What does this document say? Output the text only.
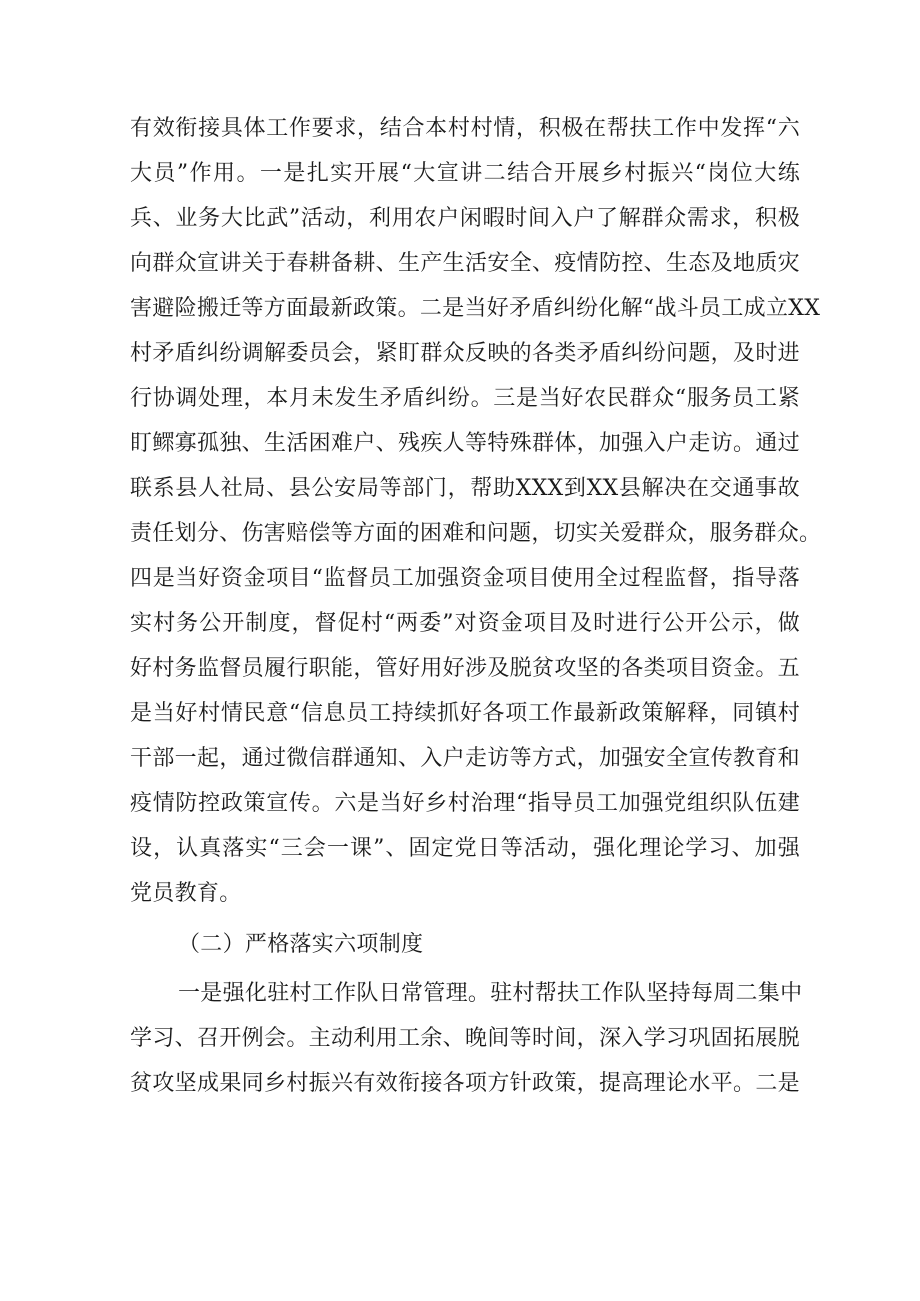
有效衔接具体工作要求，结合本村村情，积极在帮扶工作中发挥“六
大员”作用。一是扎实开展“大宣讲二结合开展乡村振兴“岗位大练
兵、业务大比武”活动，利用农户闲暇时间入户了解群众需求，积极
向群众宣讲关于春耕备耕、生产生活安全、疫情防控、生态及地质灾
害避险搬迁等方面最新政策。二是当好矛盾纠纷化解“战斗员工成立XX
村矛盾纠纷调解委员会，紧盯群众反映的各类矛盾纠纷问题，及时进
行协调处理，本月未发生矛盾纠纷。三是当好农民群众“服务员工紧
盯鳏寡孤独、生活困难户、残疾人等特殊群体，加强入户走访。通过
联系县人社局、县公安局等部门，帮助XXX到XX县解决在交通事故
责任划分、伤害赔偿等方面的困难和问题，切实关爱群众，服务群众。
四是当好资金项目“监督员工加强资金项目使用全过程监督，指导落
实村务公开制度，督促村“两委”对资金项目及时进行公开公示，做
好村务监督员履行职能，管好用好涉及脱贫攻坚的各类项目资金。五
是当好村情民意“信息员工持续抓好各项工作最新政策解释，同镇村
干部一起，通过微信群通知、入户走访等方式，加强安全宣传教育和
疫情防控政策宣传。六是当好乡村治理“指导员工加强党组织队伍建
设，认真落实“三会一课”、固定党日等活动，强化理论学习、加强
党员教育。
（二）严格落实六项制度
一是强化驻村工作队日常管理。驻村帮扶工作队坚持每周二集中
学习、召开例会。主动利用工余、晚间等时间，深入学习巩固拓展脱
贫攻坚成果同乡村振兴有效衔接各项方针政策，提高理论水平。二是
